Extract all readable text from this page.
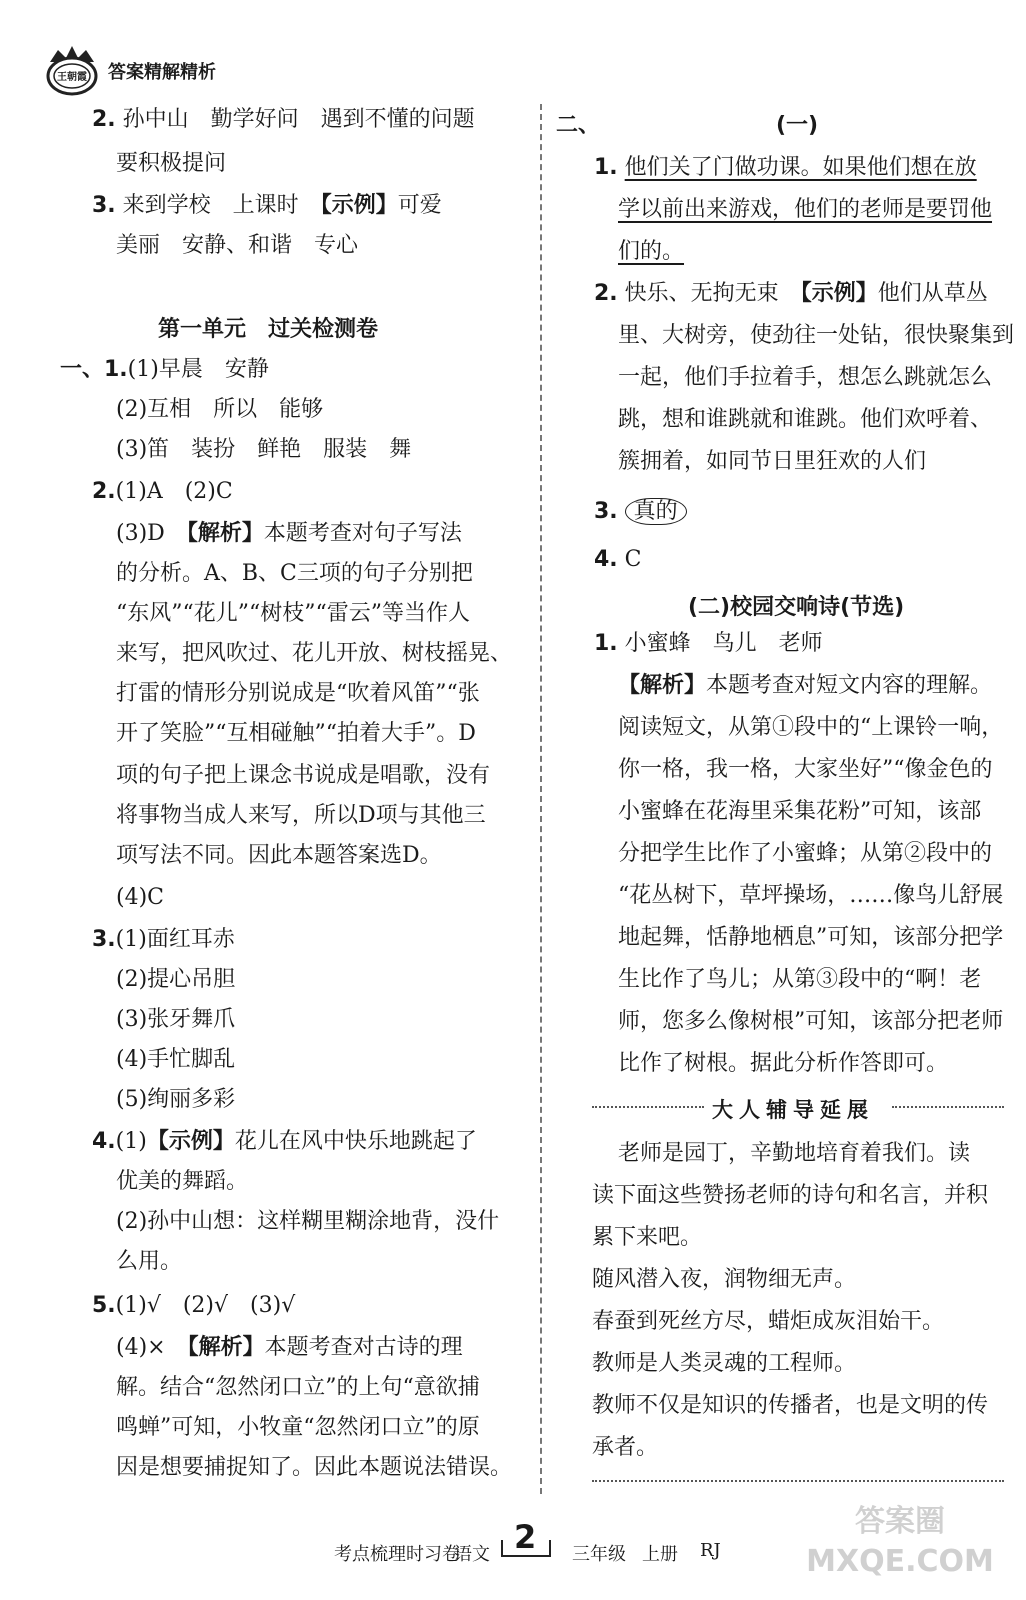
王朝霞 答案精解精析
2. 孙中山　勤学好问　遇到不懂的问题
要积极提问
3. 来到学校　上课时　【示例】可爱
美丽　安静、和谐　专心
第一单元　过关检测卷
一、1.(1)早晨　安静
(2)互相　所以　能够
(3)笛　装扮　鲜艳　服装　舞
2.(1)A　(2)C
(3)D　【解析】本题考查对句子写法
的分析。A、B、C三项的句子分别把
“东风”“花儿”“树枝”“雷云”等当作人
来写，把风吹过、花儿开放、树枝摇晃、
打雷的情形分别说成是“吹着风笛”“张
开了笑脸”“互相碰触”“拍着大手”。D
项的句子把上课念书说成是唱歌，没有
将事物当成人来写，所以D项与其他三
项写法不同。因此本题答案选D。
(4)C
3.(1)面红耳赤
(2)提心吊胆
(3)张牙舞爪
(4)手忙脚乱
(5)绚丽多彩
4.(1)【示例】花儿在风中快乐地跳起了
优美的舞蹈。
(2)孙中山想：这样糊里糊涂地背，没什
么用。
5.(1)√　(2)√　(3)√
(4)×　【解析】本题考查对古诗的理
解。结合“忽然闭口立”的上句“意欲捕
鸣蝉”可知，小牧童“忽然闭口立”的原
因是想要捕捉知了。因此本题说法错误。
二、	(一)
1. 他们关了门做功课。如果他们想在放
学以前出来游戏，他们的老师是要罚他
们的。
2. 快乐、无拘无束　【示例】他们从草丛
里、大树旁，使劲往一处钻，很快聚集到
一起，他们手拉着手，想怎么跳就怎么
跳，想和谁跳就和谁跳。他们欢呼着、
簇拥着，如同节日里狂欢的人们
3. 真的
4. C
(二)校园交响诗(节选)
1. 小蜜蜂　鸟儿　老师
【解析】本题考查对短文内容的理解。
阅读短文，从第①段中的“上课铃一响，
你一格，我一格，大家坐好”“像金色的
小蜜蜂在花海里采集花粉”可知，该部
分把学生比作了小蜜蜂；从第②段中的
“花丛树下，草坪操场，……像鸟儿舒展
地起舞，恬静地栖息”可知，该部分把学
生比作了鸟儿；从第③段中的“啊！老
师，您多么像树根”可知，该部分把老师
比作了树根。据此分析作答即可。
大人辅导延展
　老师是园丁，辛勤地培育着我们。读
读下面这些赞扬老师的诗句和名言，并积
累下来吧。
随风潜入夜，润物细无声。
春蚕到死丝方尽，蜡炬成灰泪始干。
教师是人类灵魂的工程师。
教师不仅是知识的传播者，也是文明的传
承者。
考点梳理时习卷
语文 2 三年级 上册 RJ
答案圈 MXQE.COM
